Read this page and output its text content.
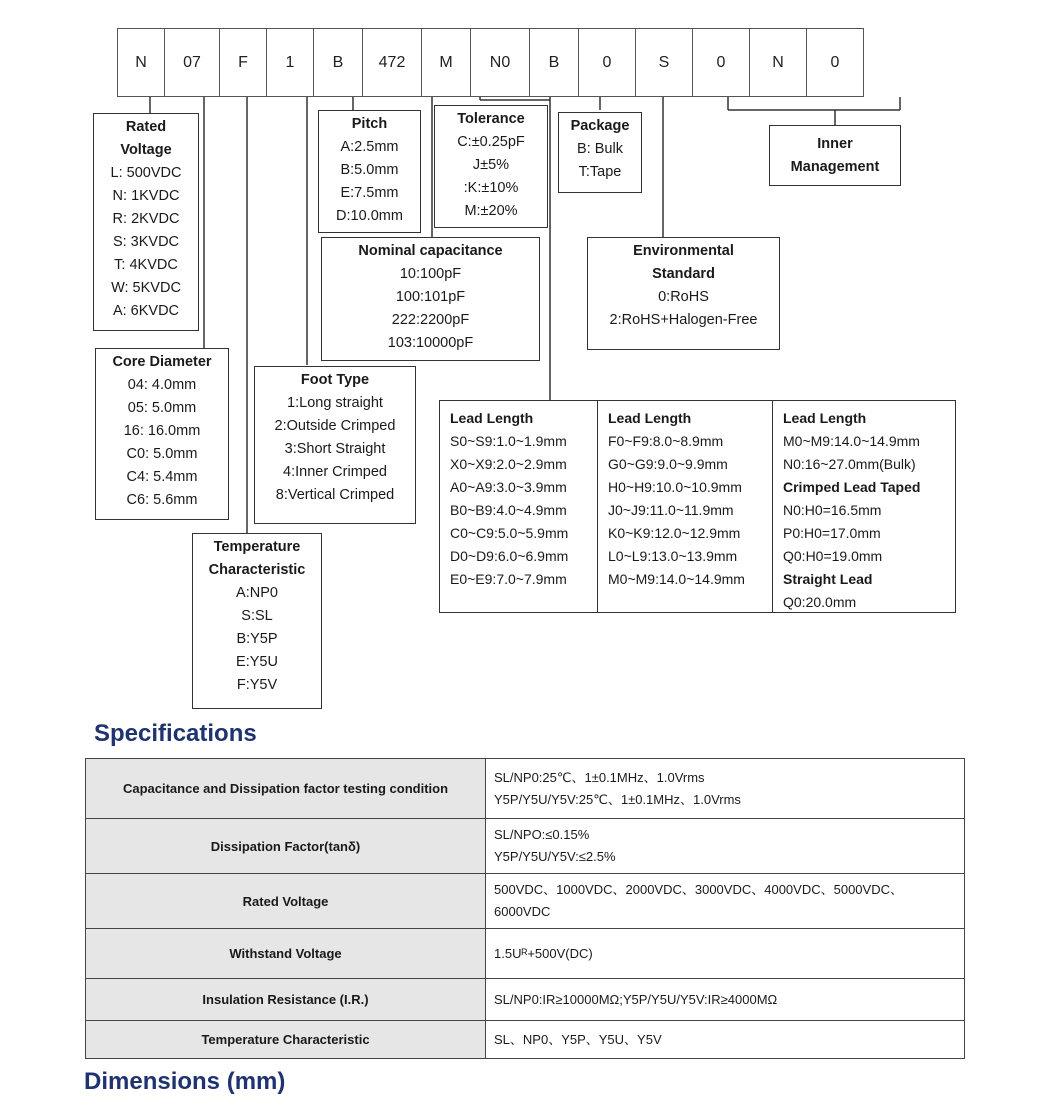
N	07	F	1	B	472	M	N0	B	0	S	0	N	0
Rated
Voltage
L: 500VDC
N: 1KVDC
R: 2KVDC
S: 3KVDC
T: 4KVDC
W: 5KVDC
A: 6KVDC
Core Diameter
04: 4.0mm
05: 5.0mm
16: 16.0mm
C0: 5.0mm
C4: 5.4mm
C6: 5.6mm
Temperature
Characteristic
A:NP0
S:SL
B:Y5P
E:Y5U
F:Y5V
Foot Type
1:Long straight
2:Outside Crimped
3:Short Straight
4:Inner Crimped
8:Vertical Crimped
Pitch
A:2.5mm
B:5.0mm
E:7.5mm
D:10.0mm
Nominal capacitance
10:100pF
100:101pF
222:2200pF
103:10000pF
Tolerance
C:±0.25pF
J±5%
:K:±10%
M:±20%
Package
B: Bulk
T:Tape
Environmental
Standard
0:RoHS
2:RoHS+Halogen-Free
Inner
Management
Lead Length
S0~S9:1.0~1.9mm
X0~X9:2.0~2.9mm
A0~A9:3.0~3.9mm
B0~B9:4.0~4.9mm
C0~C9:5.0~5.9mm
D0~D9:6.0~6.9mm
E0~E9:7.0~7.9mm
Lead Length
F0~F9:8.0~8.9mm
G0~G9:9.0~9.9mm
H0~H9:10.0~10.9mm
J0~J9:11.0~11.9mm
K0~K9:12.0~12.9mm
L0~L9:13.0~13.9mm
M0~M9:14.0~14.9mm
Lead Length
M0~M9:14.0~14.9mm
N0:16~27.0mm(Bulk)
Crimped Lead Taped
N0:H0=16.5mm
P0:H0=17.0mm
Q0:H0=19.0mm
Straight Lead
Q0:20.0mm
Specifications
Capacitance and Dissipation factor testing condition	SL/NP0:25℃、1±0.1MHz、1.0Vrms
Y5P/Y5U/Y5V:25℃、1±0.1MHz、1.0Vrms

Dissipation Factor(tanδ)	SL/NPO:≤0.15%
Y5P/Y5U/Y5V:≤2.5%

Rated Voltage	500VDC、1000VDC、2000VDC、3000VDC、4000VDC、5000VDC、
6000VDC

Withstand Voltage	1.5Uᴿ+500V(DC)

Insulation Resistance (I.R.)	SL/NP0:IR≥10000MΩ;Y5P/Y5U/Y5V:IR≥4000MΩ

Temperature Characteristic	SL、NP0、Y5P、Y5U、Y5V
Dimensions (mm)
